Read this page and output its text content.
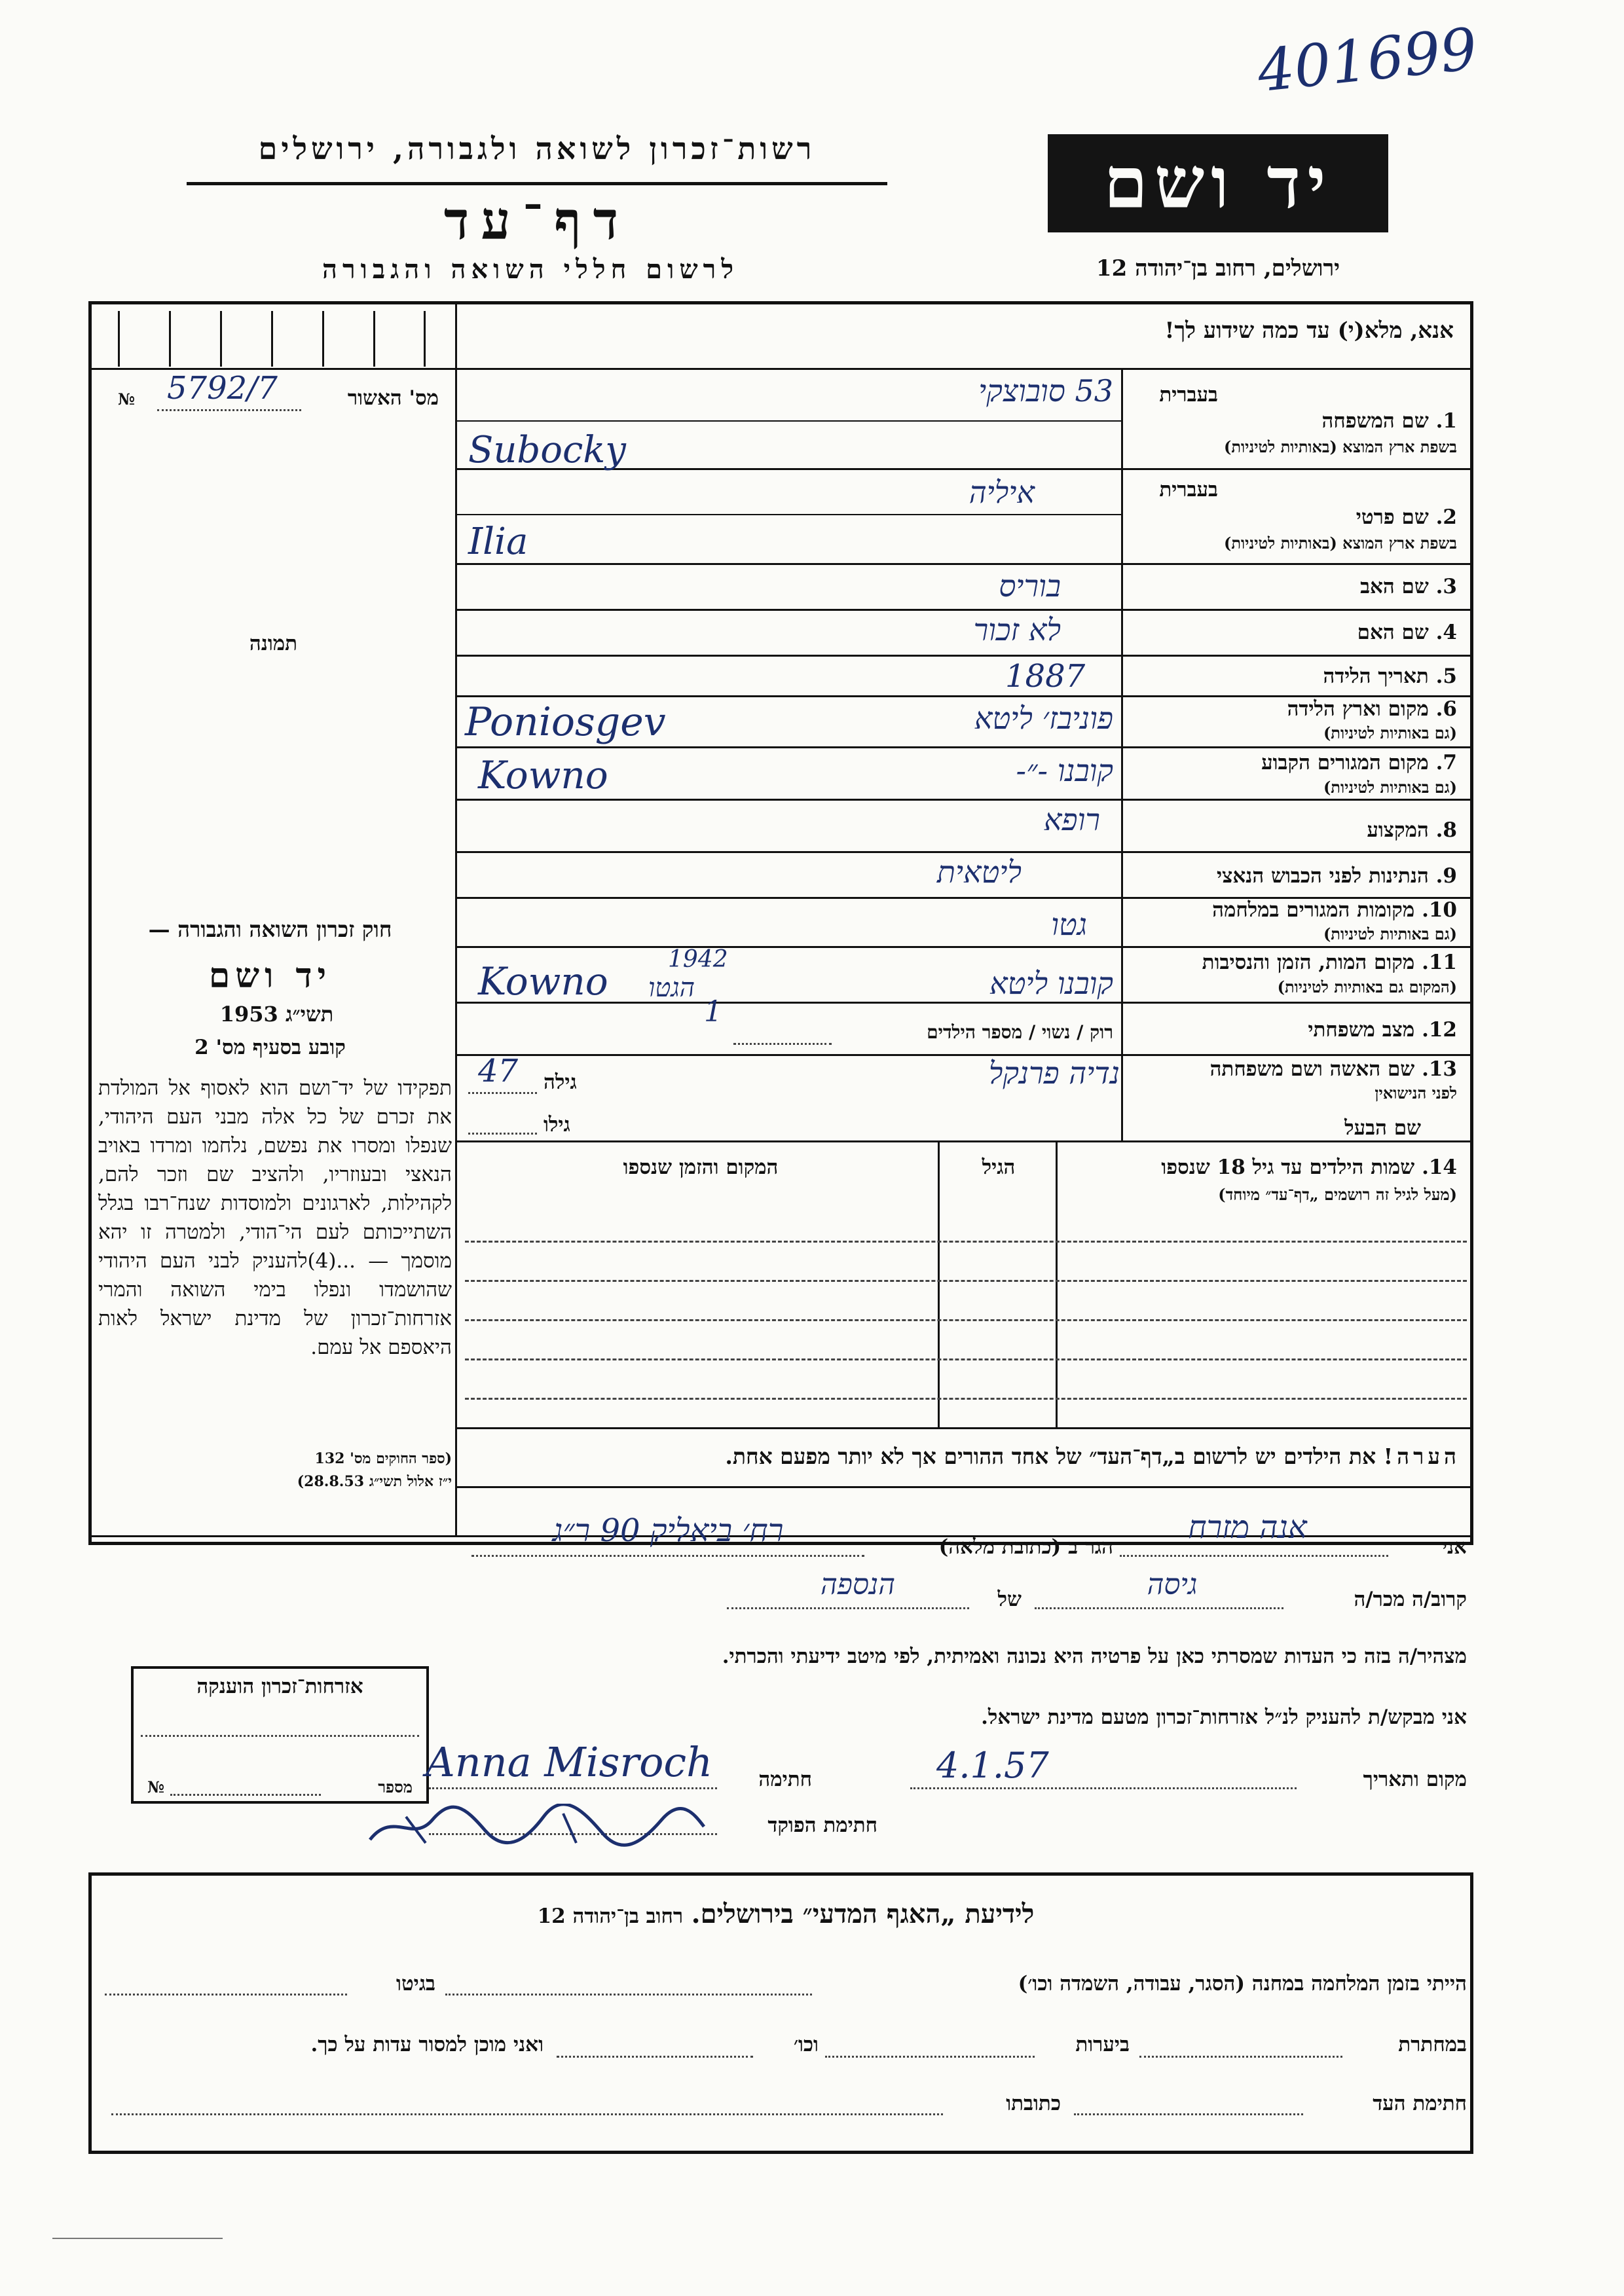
401699
רשות־זכרון לשואה ולגבורה, ירושלים
דף־עד
לרשום חללי השואה והגבורה
יד ושם
ירושלים, רחוב בן־יהודה 12
אנא, מלא(י) עד כמה שידוע לך!
מס' האשור
№ 5792/7
תמונה
חוק זכרון השואה והגבורה —
יד ושם
תשי״ג 1953
קובע בסעיף מס' 2
תפקידו של יד־ושם הוא לאסוף אל המולדת את זכרם של כל אלה מבני העם היהודי, שנפלו ומסרו את נפשם, נלחמו ומרדו באויב הנאצי ובעוזריו, ולהציב שם וזכר להם, לקהילות, לארגונים ולמוסדות שנח־רבו בגלל השתייכותם לעם הי־הודי, ולמטרה זו יהא מוסמך — ...(4)להעניק לבני העם היהודי שהושמדו ונפלו בימי השואה והמרי אזרחות־זכרון של מדינת ישראל לאות היאספם אל עמם.
(ספר החוקים מס' 132
י״ז אלול תשי״ג 28.8.53)
בעברית
1. שם המשפחה
בשפת ארץ המוצא (באותיות לטיניות)
53 סובוצקי
Subocky
בעברית
2. שם פרטי
בשפת ארץ המוצא (באותיות לטיניות)
איליה
Ilia
3. שם האב
בוריס
4. שם האם
לא זכור
5. תאריך הלידה
1887
6. מקום וארץ הלידה
(גם באותיות לטיניות)
פוניבז׳ ליטא
Poniosgev
7. מקום המגורים הקבוע
(גם באותיות לטיניות)
קובנו -״-
Kowno
8. המקצוע
רופא
9. הנתינות לפני הכבוש הנאצי
ליטאית
10. מקומות המגורים במלחמה
(גם באותיות לטיניות)
גטו
11. מקום המות, הזמן והנסיבות
(המקום גם באותיות לטיניות)
קובנו ליטא
1942
הגטו
Kowno
12. מצב משפחתי
רוק / נשוי / מספר הילדים
1
13. שם האשה ושם משפחתה
לפני הנישואין
נדיה פרנקל
גילה
47
שם הבעל
גילו
14. שמות הילדים עד גיל 18 שנספו
(מעל לגיל זה רושמים „דף־עד״ מיוחד)
הגיל
המקום והזמן שנספו
הערה! את הילדים יש לרשום ב„דף־העד״ של אחד ההורים אך לא יותר מפעם אחת.
אני
אנה מזרח
הגר ב (כתובת מלאה)
רח׳ ביאליק 90 ר״ג
קרוב/ה מכר/ה
גיסה
של
הנספה
מצהיר/ה בזה כי העדות שמסרתי כאן על פרטיה היא נכונה ואמיתית, לפי מיטב ידיעתי והכרתי.
אני מבקש/ת להעניק לנ״ל אזרחות־זכרון מטעם מדינת ישראל.
אזרחות־זכרון הוענקה
מספר
№	מקום ותאריך
4.1.57
חתימה
Anna Misroch
חתימת הפוקד
לידיעת „האגף המדעי״ בירושלים. רחוב בן־יהודה 12
הייתי בזמן המלחמה במחנה (הסגר, עבודה, השמדה וכו׳)
בגיטו
במחתרת
ביערות
וכו׳
ואני מוכן למסור עדות על כך.
חתימת העד
כתובתו
